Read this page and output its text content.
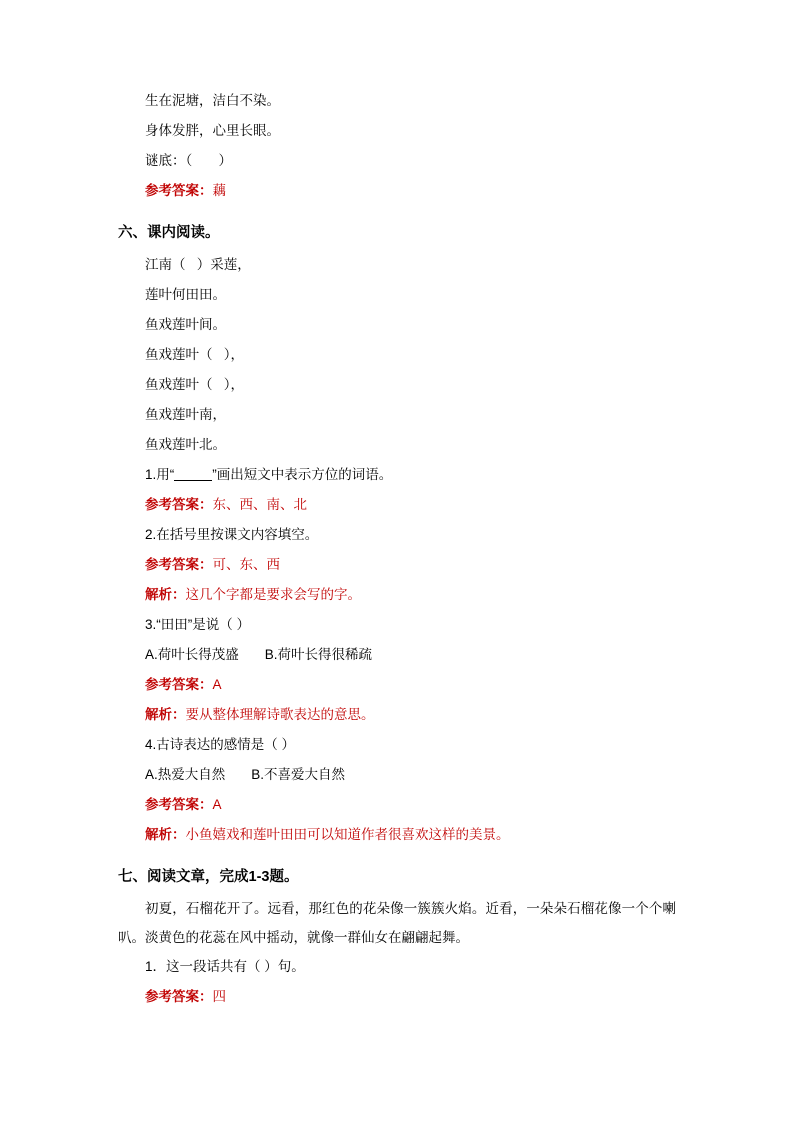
生在泥塘，洁白不染。
身体发胖，心里长眼。
谜底：（       ）
参考答案：藕
六、课内阅读。
江南（   ）采莲，
莲叶何田田。
鱼戏莲叶间。
鱼戏莲叶（   ），
鱼戏莲叶（   ），
鱼戏莲叶南，
鱼戏莲叶北。
1.用“	”画出短文中表示方位的词语。
参考答案：东、西、南、北
2.在括号里按课文内容填空。
参考答案：可、东、西
解析：这几个字都是要求会写的字。
3.“田田”是说（ ）
A.荷叶长得茂盛 B.荷叶长得很稀疏
参考答案：A
解析：要从整体理解诗歌表达的意思。
4.古诗表达的感情是（ ）
A.热爱大自然 B.不喜爱大自然
参考答案：A
解析：小鱼嬉戏和莲叶田田可以知道作者很喜欢这样的美景。
七、阅读文章，完成1-3题。
初夏，石榴花开了。远看，那红色的花朵像一簇簇火焰。近看，一朵朵石榴花像一个个喇叭。淡黄色的花蕊在风中摇动，就像一群仙女在翩翩起舞。
1．这一段话共有（ ）句。
参考答案：四
